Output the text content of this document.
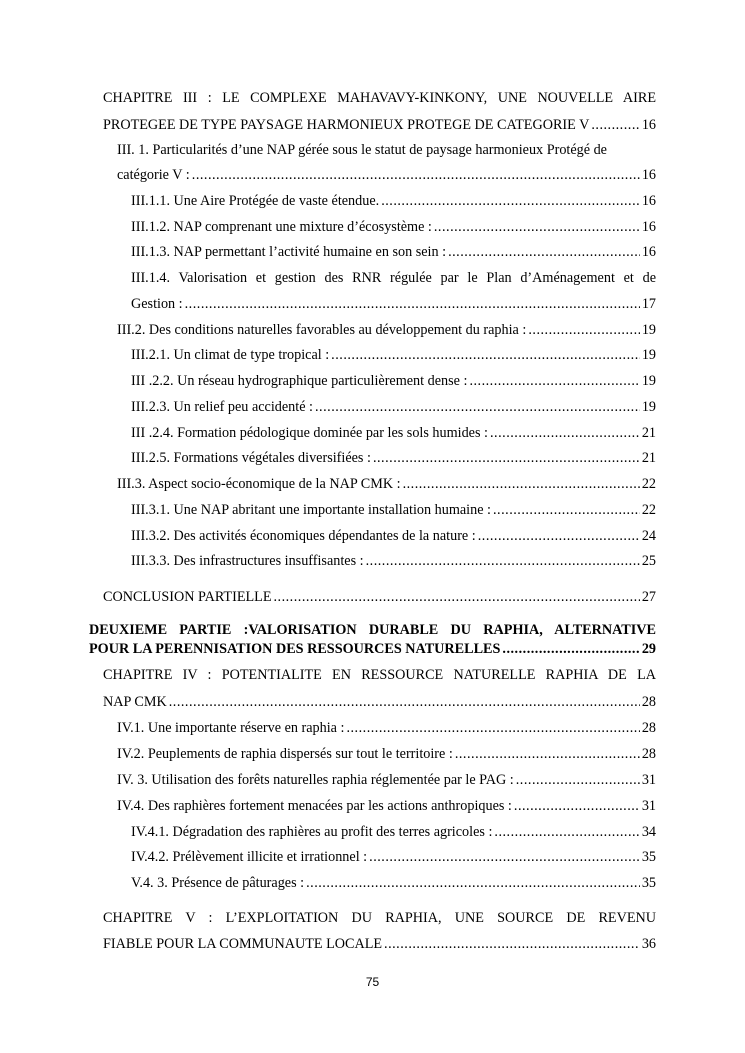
CHAPITRE III : LE COMPLEXE MAHAVAVY-KINKONY, UNE NOUVELLE AIRE
PROTEGEE DE TYPE PAYSAGE HARMONIEUX PROTEGE DE CATEGORIE V .....	16
III. 1. Particularités d’une NAP gérée sous le statut de paysage harmonieux Protégé de
catégorie V : .....	16
III.1.1. Une Aire Protégée de vaste étendue. .....	16
III.1.2. NAP comprenant une mixture d’écosystème : .....	16
III.1.3. NAP permettant l’activité humaine en son sein : .....	16
III.1.4. Valorisation et gestion des RNR régulée par le Plan d’Aménagement et de
Gestion : .....	17
III.2. Des conditions naturelles favorables au développement du raphia : .....	19
III.2.1. Un climat de type tropical : .....	19
III .2.2. Un réseau hydrographique particulièrement dense : .....	19
III.2.3. Un relief peu accidenté : .....	19
III .2.4. Formation pédologique dominée par les sols humides : .....	21
III.2.5. Formations végétales diversifiées : .....	21
III.3. Aspect socio-économique de la NAP CMK : .....	22
III.3.1. Une NAP abritant une importante installation humaine : .....	22
III.3.2. Des activités économiques dépendantes de la nature : .....	24
III.3.3. Des infrastructures insuffisantes : .....	25
CONCLUSION PARTIELLE .....	27
DEUXIEME PARTIE :VALORISATION DURABLE DU RAPHIA, ALTERNATIVE
POUR LA PERENNISATION DES RESSOURCES NATURELLES .....	29
CHAPITRE IV : POTENTIALITE EN RESSOURCE NATURELLE RAPHIA DE LA
NAP CMK .....	28
IV.1. Une importante réserve en raphia : .....	28
IV.2. Peuplements de raphia dispersés sur tout le territoire : .....	28
IV. 3. Utilisation des forêts naturelles raphia réglementée par le PAG : .....	31
IV.4. Des raphières fortement menacées par les actions anthropiques : .....	31
IV.4.1. Dégradation des raphières au profit des terres agricoles : .....	34
IV.4.2. Prélèvement illicite et irrationnel : .....	35
V.4. 3. Présence de pâturages : .....	35
CHAPITRE V : L’EXPLOITATION DU RAPHIA, UNE SOURCE DE REVENU
FIABLE POUR LA COMMUNAUTE LOCALE .....	36
75
